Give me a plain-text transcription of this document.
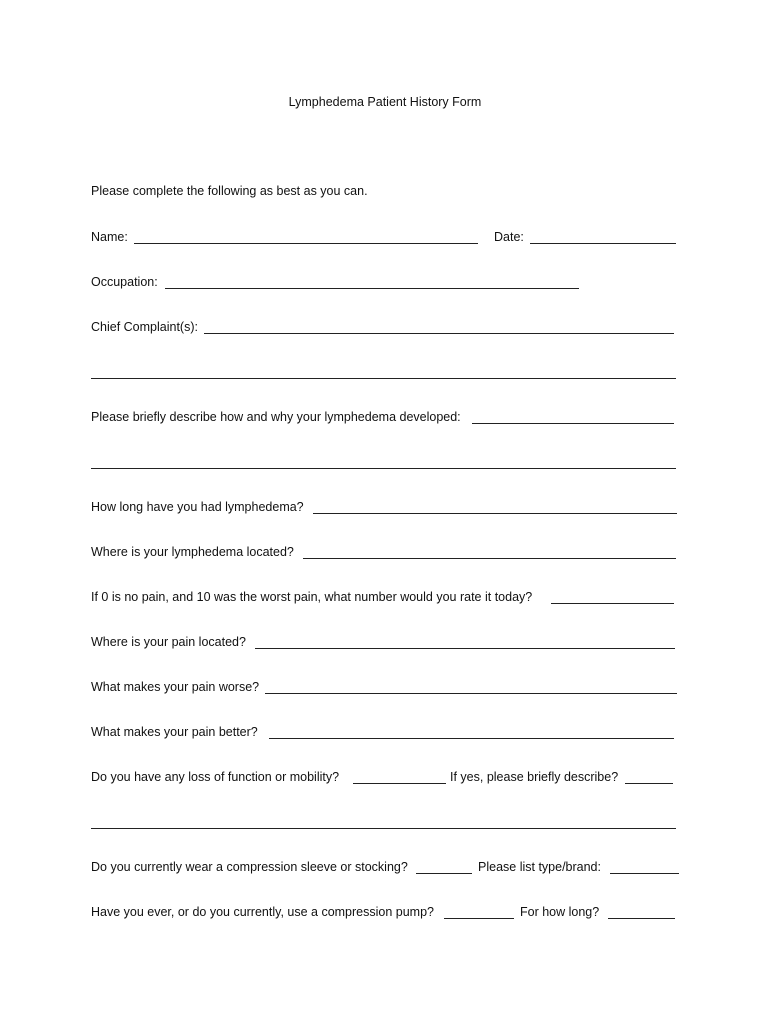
Lymphedema Patient History Form
Please complete the following as best as you can.
Name:	Date:
Occupation:
Chief Complaint(s):
Please briefly describe how and why your lymphedema developed:
How long have you had lymphedema?
Where is your lymphedema located?
If 0 is no pain, and 10 was the worst pain, what number would you rate it today?
Where is your pain located?
What makes your pain worse?
What makes your pain better?
Do you have any loss of function or mobility?	If yes, please briefly describe?
Do you currently wear a compression sleeve or stocking?	Please list type/brand:
Have you ever, or do you currently, use a compression pump?	For how long?
